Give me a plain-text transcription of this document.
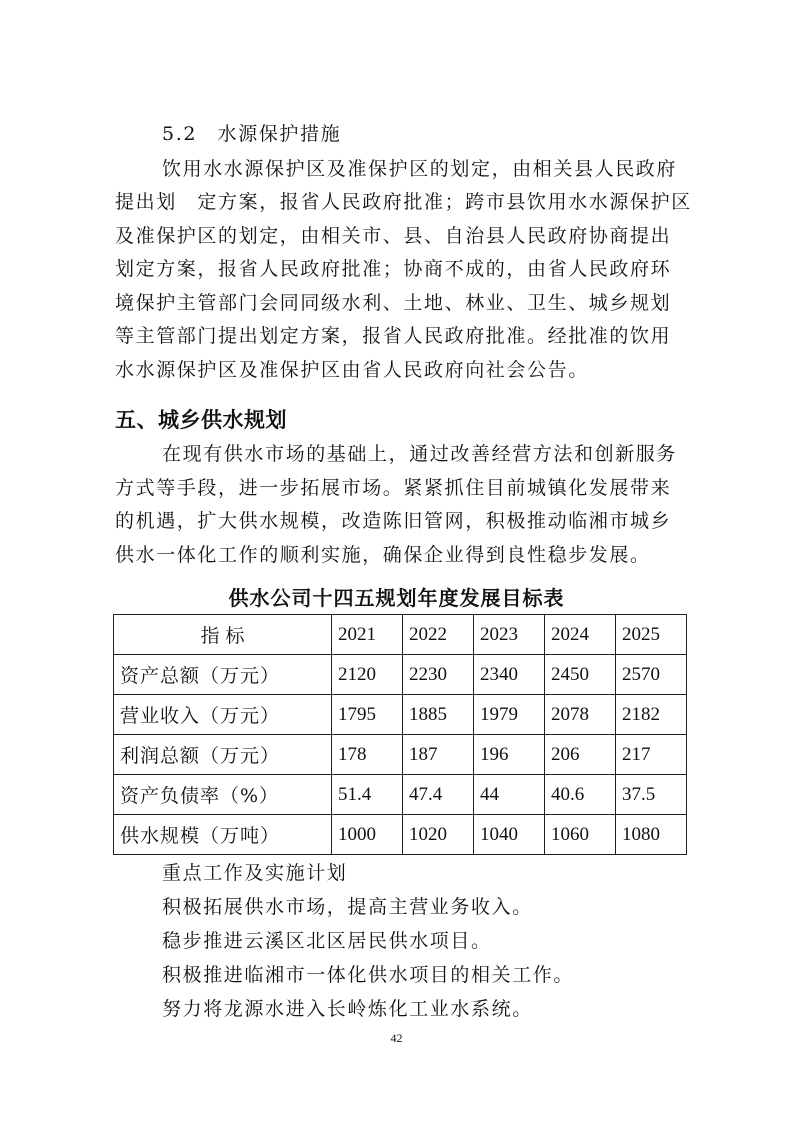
5.2　水源保护措施
饮用水水源保护区及准保护区的划定，由相关县人民政府
提出划　定方案，报省人民政府批准；跨市县饮用水水源保护区
及准保护区的划定，由相关市、县、自治县人民政府协商提出
划定方案，报省人民政府批准；协商不成的，由省人民政府环
境保护主管部门会同同级水利、土地、林业、卫生、城乡规划
等主管部门提出划定方案，报省人民政府批准。经批准的饮用
水水源保护区及准保护区由省人民政府向社会公告。
五、城乡供水规划
在现有供水市场的基础上，通过改善经营方法和创新服务
方式等手段，进一步拓展市场。紧紧抓住目前城镇化发展带来
的机遇，扩大供水规模，改造陈旧管网，积极推动临湘市城乡
供水一体化工作的顺利实施，确保企业得到良性稳步发展。
供水公司十四五规划年度发展目标表
指标	2021	2022	2023	2024	2025
资产总额（万元）	2120	2230	2340	2450	2570
营业收入（万元）	1795	1885	1979	2078	2182
利润总额（万元）	178	187	196	206	217
资产负债率（%）	51.4	47.4	44	40.6	37.5
供水规模（万吨）	1000	1020	1040	1060	1080
重点工作及实施计划
积极拓展供水市场，提高主营业务收入。
稳步推进云溪区北区居民供水项目。
积极推进临湘市一体化供水项目的相关工作。
努力将龙源水进入长岭炼化工业水系统。
42
